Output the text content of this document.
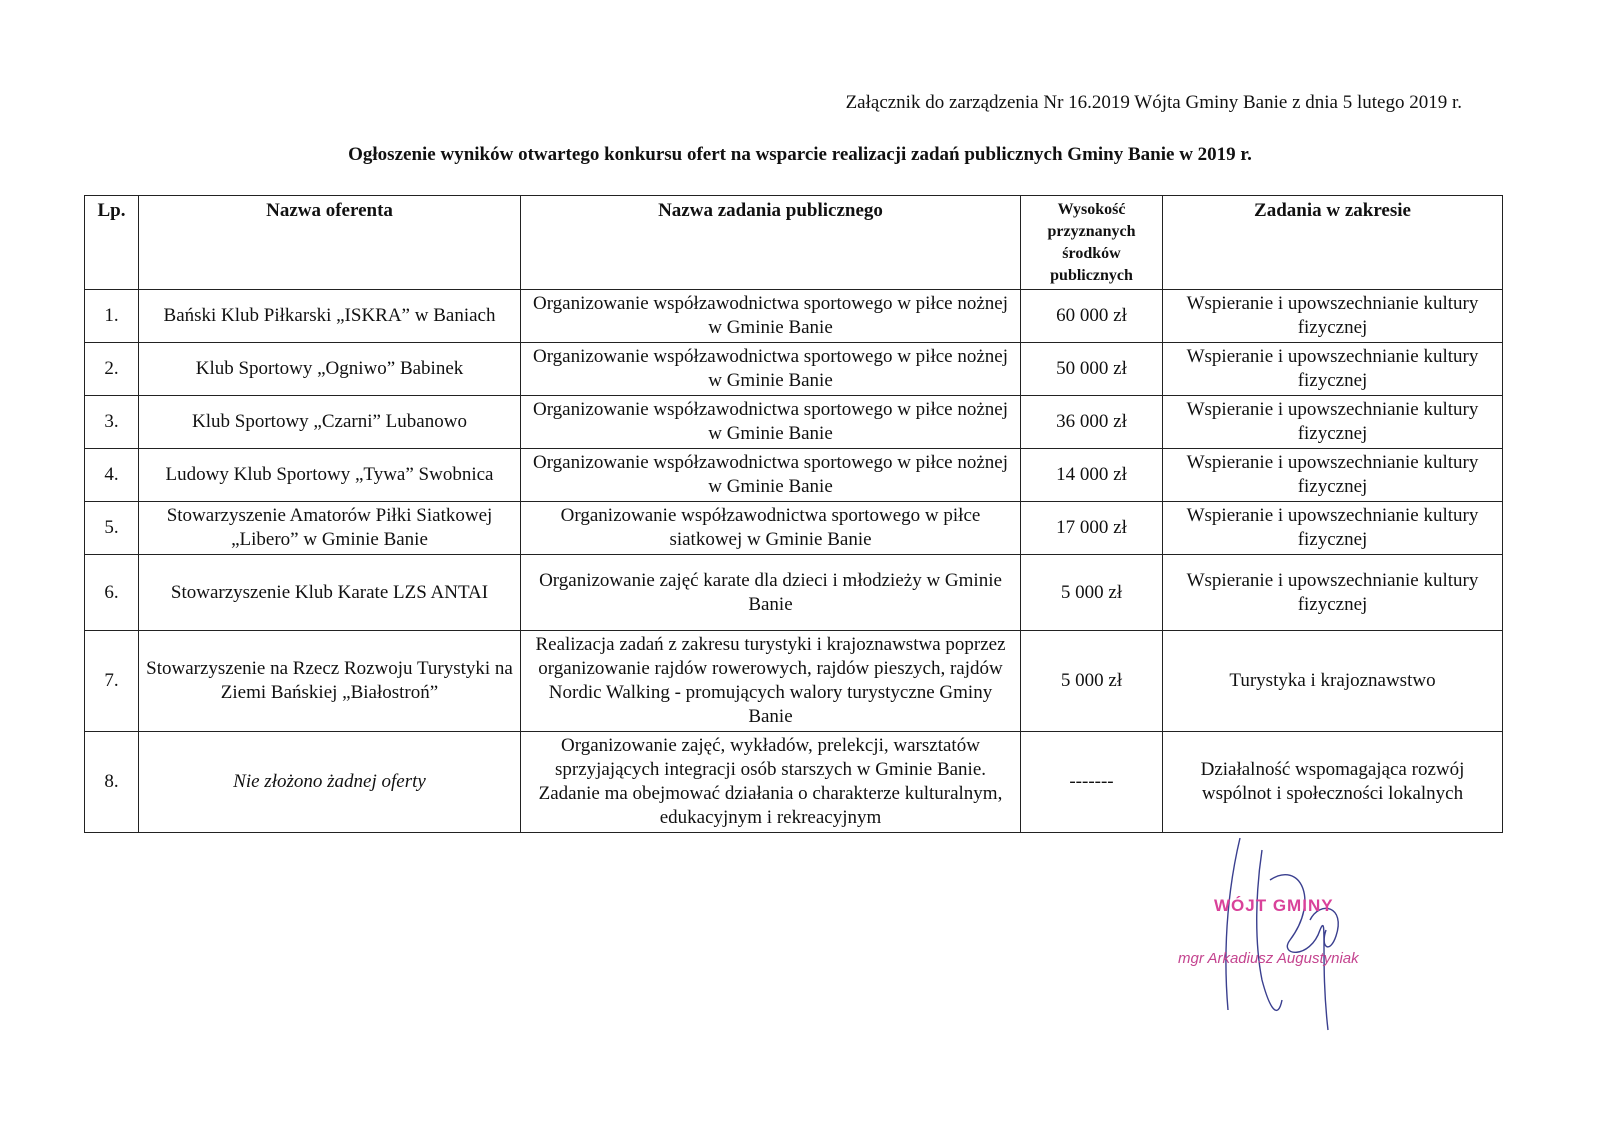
Załącznik do zarządzenia Nr 16.2019 Wójta Gminy Banie z dnia 5 lutego 2019 r.
Ogłoszenie wyników otwartego konkursu ofert na wsparcie realizacji zadań publicznych Gminy Banie w 2019 r.
Lp.	Nazwa oferenta	Nazwa zadania publicznego	Wysokość przyznanych środków publicznych	Zadania w zakresie
1.	Bański Klub Piłkarski „ISKRA” w Baniach	Organizowanie współzawodnictwa sportowego w piłce nożnej w Gminie Banie	60 000 zł	Wspieranie i upowszechnianie kultury fizycznej
2.	Klub Sportowy „Ogniwo” Babinek	Organizowanie współzawodnictwa sportowego w piłce nożnej w Gminie Banie	50 000 zł	Wspieranie i upowszechnianie kultury fizycznej
3.	Klub Sportowy „Czarni” Lubanowo	Organizowanie współzawodnictwa sportowego w piłce nożnej w Gminie Banie	36 000 zł	Wspieranie i upowszechnianie kultury fizycznej
4.	Ludowy Klub Sportowy „Tywa” Swobnica	Organizowanie współzawodnictwa sportowego w piłce nożnej w Gminie Banie	14 000 zł	Wspieranie i upowszechnianie kultury fizycznej
5.	Stowarzyszenie Amatorów Piłki Siatkowej „Libero” w Gminie Banie	Organizowanie współzawodnictwa sportowego w piłce siatkowej w Gminie Banie	17 000 zł	Wspieranie i upowszechnianie kultury fizycznej
6.	Stowarzyszenie Klub Karate LZS ANTAI	Organizowanie zajęć karate dla dzieci i młodzieży w Gminie Banie	5 000 zł	Wspieranie i upowszechnianie kultury fizycznej
7.	Stowarzyszenie na Rzecz Rozwoju Turystyki na Ziemi Bańskiej „Białostroń”	Realizacja zadań z zakresu turystyki i krajoznawstwa poprzez organizowanie rajdów rowerowych, rajdów pieszych, rajdów Nordic Walking - promujących walory turystyczne Gminy Banie	5 000 zł	Turystyka i krajoznawstwo
8.	Nie złożono żadnej oferty	Organizowanie zajęć, wykładów, prelekcji, warsztatów sprzyjających integracji osób starszych w Gminie Banie. Zadanie ma obejmować działania o charakterze kulturalnym, edukacyjnym i rekreacyjnym	-------	Działalność wspomagająca rozwój wspólnot i społeczności lokalnych
WÓJT GMINY
mgr Arkadiusz Augustyniak
